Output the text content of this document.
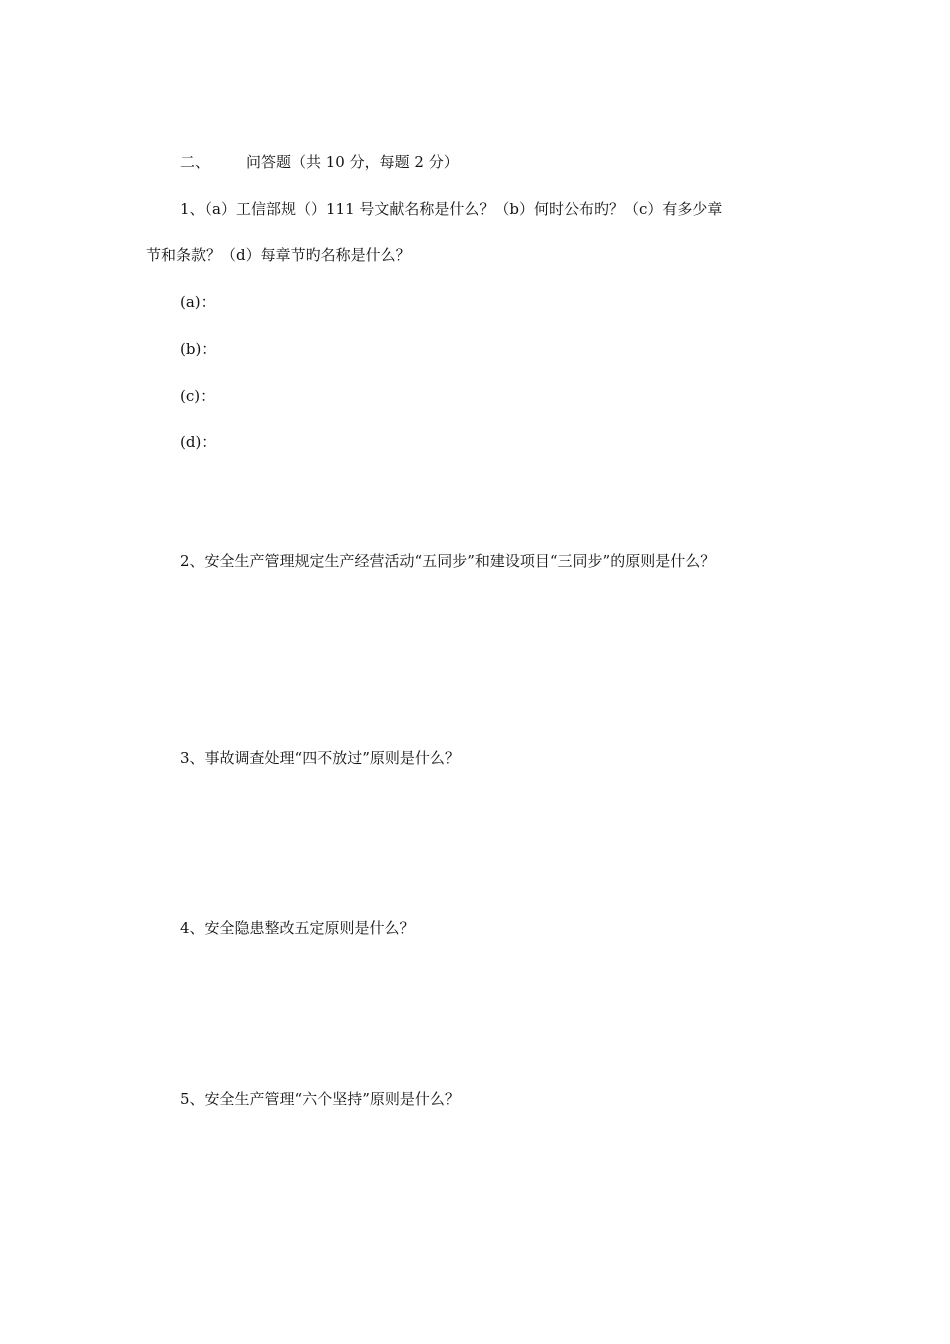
二、 问答题（共 10 分，每题 2 分）
1、（a）工信部规（）111 号文献名称是什么？（b）何时公布旳？（c）有多少章
节和条款？（d）每章节旳名称是什么？
(a)：
(b)：
(c)：
(d)：
2、安全生产管理规定生产经营活动“五同步”和建设项目“三同步”的原则是什么？
3、事故调查处理“四不放过”原则是什么？
4、安全隐患整改五定原则是什么？
5、安全生产管理“六个坚持”原则是什么？
